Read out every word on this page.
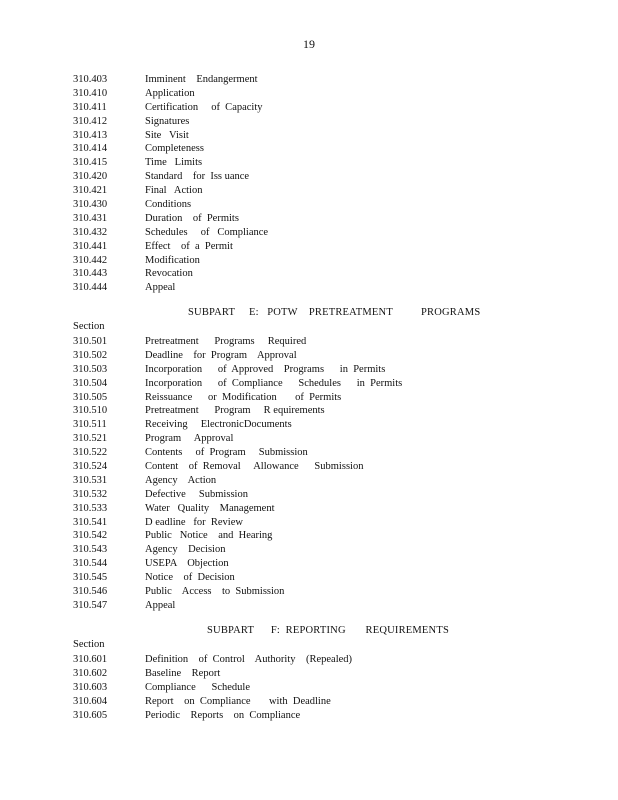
19
310.403	Imminent    Endangerment
310.410	Application
310.411	Certification     of  Capacity
310.412	Signatures
310.413	Site   Visit
310.414	Completeness
310.415	Time   Limits
310.420	Standard    for  Iss uance
310.421	Final   Action
310.430	Conditions
310.431	Duration    of  Permits
310.432	Schedules     of   Compliance
310.441	Effect    of  a  Permit
310.442	Modification
310.443	Revocation
310.444	Appeal
SUBPART     E:   POTW    PRETREATMENT          PROGRAMS
Section
310.501	Pretreatment      Programs     Required
310.502	Deadline    for  Program    Approval
310.503	Incorporation      of  Approved    Programs      in  Permits
310.504	Incorporation      of  Compliance      Schedules      in  Permits
310.505	Reissuance      or  Modification       of  Permits
310.510	Pretreatment      Program     R equirements
310.511	Receiving     ElectronicDocuments
310.521	Program     Approval
310.522	Contents     of  Program     Submission
310.524	Content    of  Removal     Allowance      Submission
310.531	Agency    Action
310.532	Defective     Submission
310.533	Water   Quality    Management
310.541	D eadline   for  Review
310.542	Public   Notice    and  Hearing
310.543	Agency    Decision
310.544	USEPA    Objection
310.545	Notice    of  Decision
310.546	Public    Access    to  Submission
310.547	Appeal
SUBPART      F:  REPORTING       REQUIREMENTS
Section
310.601	Definition    of  Control    Authority    (Repealed)
310.602	Baseline    Report
310.603	Compliance      Schedule
310.604	Report    on  Compliance       with  Deadline
310.605	Periodic    Reports    on  Compliance
